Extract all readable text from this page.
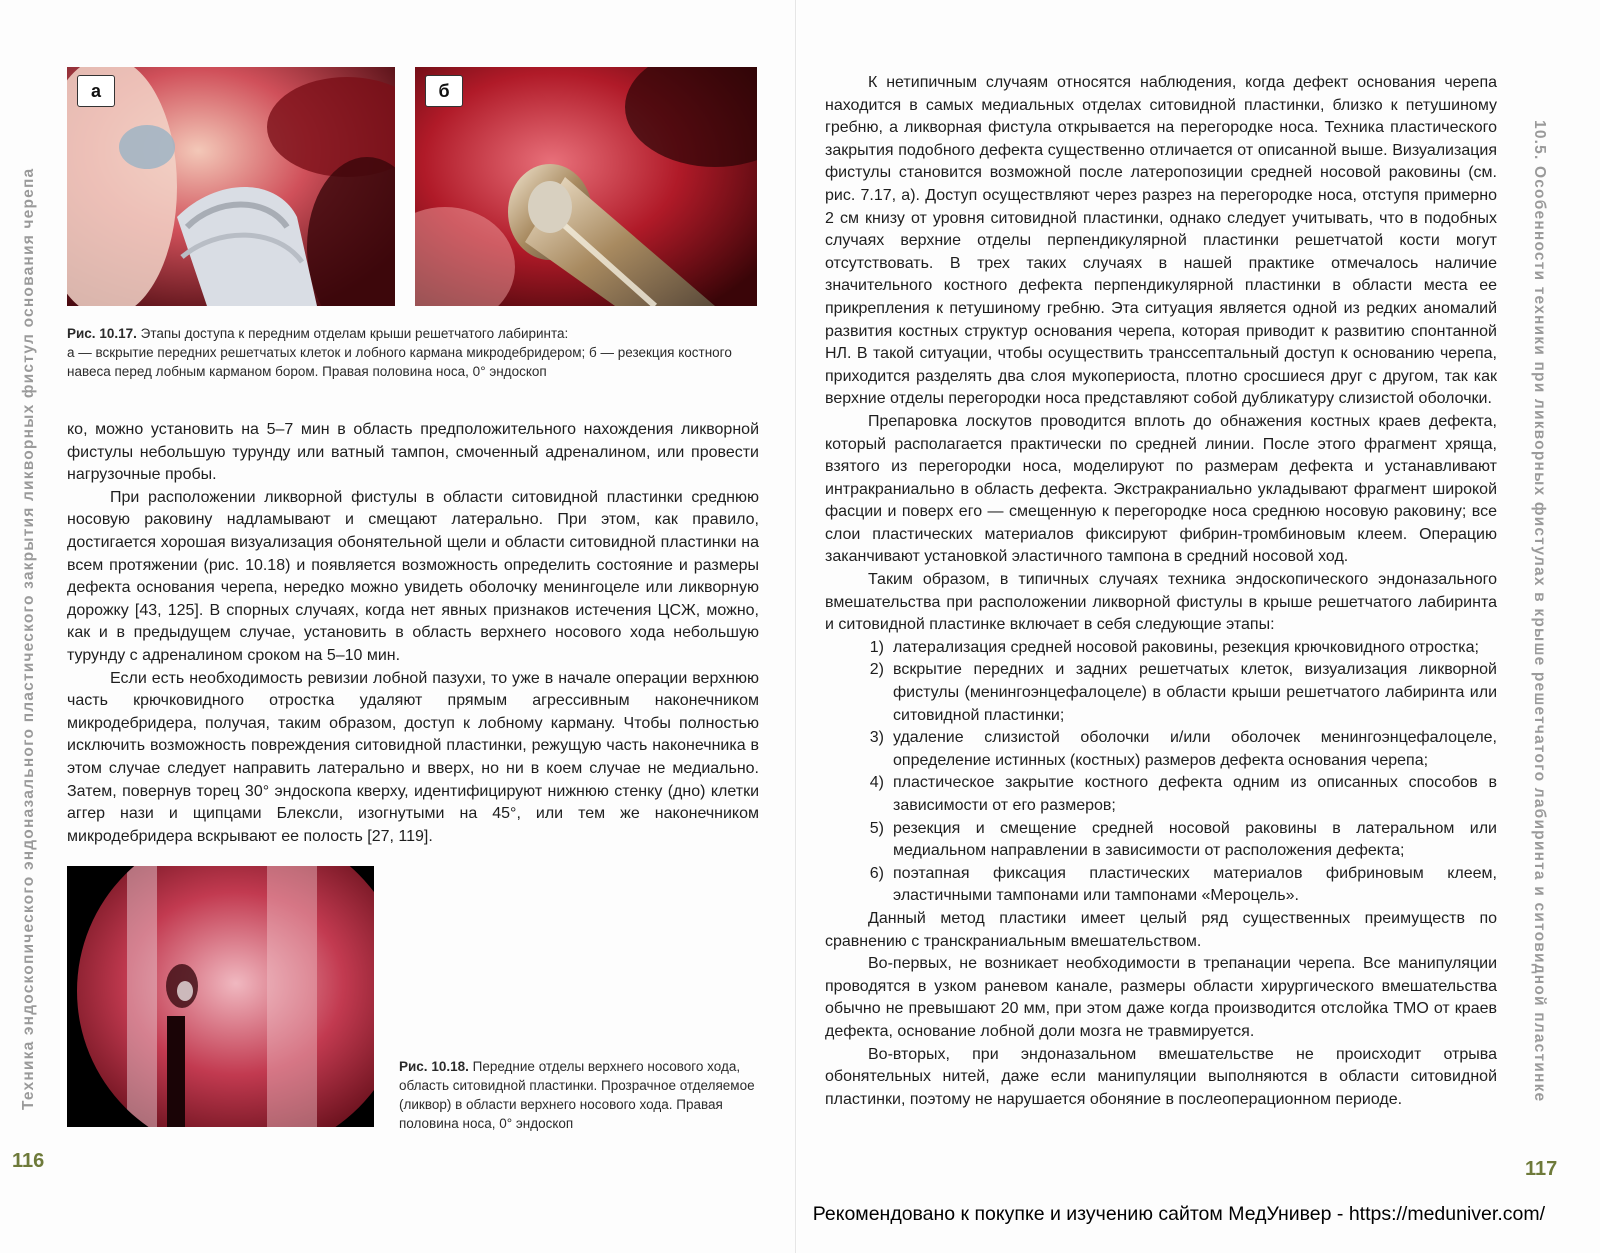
Техника эндоскопического эндоназального пластического закрытия ликворных фистул основания черепа
а	б
Рис. 10.17. Этапы доступа к передним отделам крыши решетчатого лабиринта:
а — вскрытие передних решетчатых клеток и лобного кармана микродебридером; б — резекция костного навеса перед лобным карманом бором. Правая половина носа, 0° эндоскоп

ко, можно установить на 5–7 мин в область предположительного нахождения ликворной фистулы небольшую турунду или ватный тампон, смоченный адреналином, или провести нагрузочные пробы.

При расположении ликворной фистулы в области ситовидной пластинки среднюю носовую раковину надламывают и смещают латерально. При этом, как правило, достигается хорошая визуализация обонятельной щели и области ситовидной пластинки на всем протяжении (рис. 10.18) и появляется возможность определить состояние и размеры дефекта основания черепа, нередко можно увидеть оболочку менингоцеле или ликворную дорожку [43, 125]. В спорных случаях, когда нет явных признаков истечения ЦСЖ, можно, как и в предыдущем случае, установить в область верхнего носового хода небольшую турунду с адреналином сроком на 5–10 мин.

Если есть необходимость ревизии лобной пазухи, то уже в начале операции верхнюю часть крючковидного отростка удаляют прямым агрессивным наконечником микродебридера, получая, таким образом, доступ к лобному карману. Чтобы полностью исключить возможность повреждения ситовидной пластинки, режущую часть наконечника в этом случае следует направить латерально и вверх, но ни в коем случае не медиально. Затем, повернув торец 30° эндоскопа кверху, идентифицируют нижнюю стенку (дно) клетки аггер нази и щипцами Блексли, изогнутыми на 45°, или тем же наконечником микродебридера вскрывают ее полость [27, 119].

Рис. 10.18. Передние отделы верхнего носового хода, область ситовидной пластинки. Прозрачное отделяемое (ликвор) в области верхнего носового хода. Правая половина носа, 0° эндоскоп
116

К нетипичным случаям относятся наблюдения, когда дефект основания черепа находится в самых медиальных отделах ситовидной пластинки, близко к петушиному гребню, а ликворная фистула открывается на перегородке носа. Техника пластического закрытия подобного дефекта существенно отличается от описанной выше. Визуализация фистулы становится возможной после латеропозиции средней носовой раковины (см. рис. 7.17, а). Доступ осуществляют через разрез на перегородке носа, отступя примерно 2 см книзу от уровня ситовидной пластинки, однако следует учитывать, что в подобных случаях верхние отделы перпендикулярной пластинки решетчатой кости могут отсутствовать. В трех таких случаях в нашей практике отмечалось наличие значительного костного дефекта перпендикулярной пластинки в области места ее прикрепления к петушиному гребню. Эта ситуация является одной из редких аномалий развития костных структур основания черепа, которая приводит к развитию спонтанной НЛ. В такой ситуации, чтобы осуществить транссептальный доступ к основанию черепа, приходится разделять два слоя мукопериоста, плотно сросшиеся друг с другом, так как верхние отделы перегородки носа представляют собой дубликатуру слизистой оболочки.

Препаровка лоскутов проводится вплоть до обнажения костных краев дефекта, который располагается практически по средней линии. После этого фрагмент хряща, взятого из перегородки носа, моделируют по размерам дефекта и устанавливают интракраниально в область дефекта. Экстракраниально укладывают фрагмент широкой фасции и поверх его — смещенную к перегородке носа среднюю носовую раковину; все слои пластических материалов фиксируют фибрин-тромбиновым клеем. Операцию заканчивают установкой эластичного тампона в средний носовой ход.

Таким образом, в типичных случаях техника эндоскопического эндоназального вмешательства при расположении ликворной фистулы в крыше решетчатого лабиринта и ситовидной пластинке включает в себя следующие этапы:

1) латерализация средней носовой раковины, резекция крючковидного отростка;
2) вскрытие передних и задних решетчатых клеток, визуализация ликворной фистулы (менингоэнцефалоцеле) в области крыши решетчатого лабиринта или ситовидной пластинки;
3) удаление слизистой оболочки и/или оболочек менингоэнцефалоцеле, определение истинных (костных) размеров дефекта основания черепа;
4) пластическое закрытие костного дефекта одним из описанных способов в зависимости от его размеров;
5) резекция и смещение средней носовой раковины в латеральном или медиальном направлении в зависимости от расположения дефекта;
6) поэтапная фиксация пластических материалов фибриновым клеем, эластичными тампонами или тампонами «Мероцель».

Данный метод пластики имеет целый ряд существенных преимуществ по сравнению с транскраниальным вмешательством.

Во-первых, не возникает необходимости в трепанации черепа. Все манипуляции проводятся в узком раневом канале, размеры области хирургического вмешательства обычно не превышают 20 мм, при этом даже когда производится отслойка ТМО от краев дефекта, основание лобной доли мозга не травмируется.

Во-вторых, при эндоназальном вмешательстве не происходит отрыва обонятельных нитей, даже если манипуляции выполняются в области ситовидной пластинки, поэтому не нарушается обоняние в послеоперационном периоде.	10.5. Особенности техники при ликворных фистулах в крыше решетчатого лабиринта и ситовидной пластинке
117
Рекомендовано к покупке и изучению сайтом МедУнивер - https://meduniver.com/
